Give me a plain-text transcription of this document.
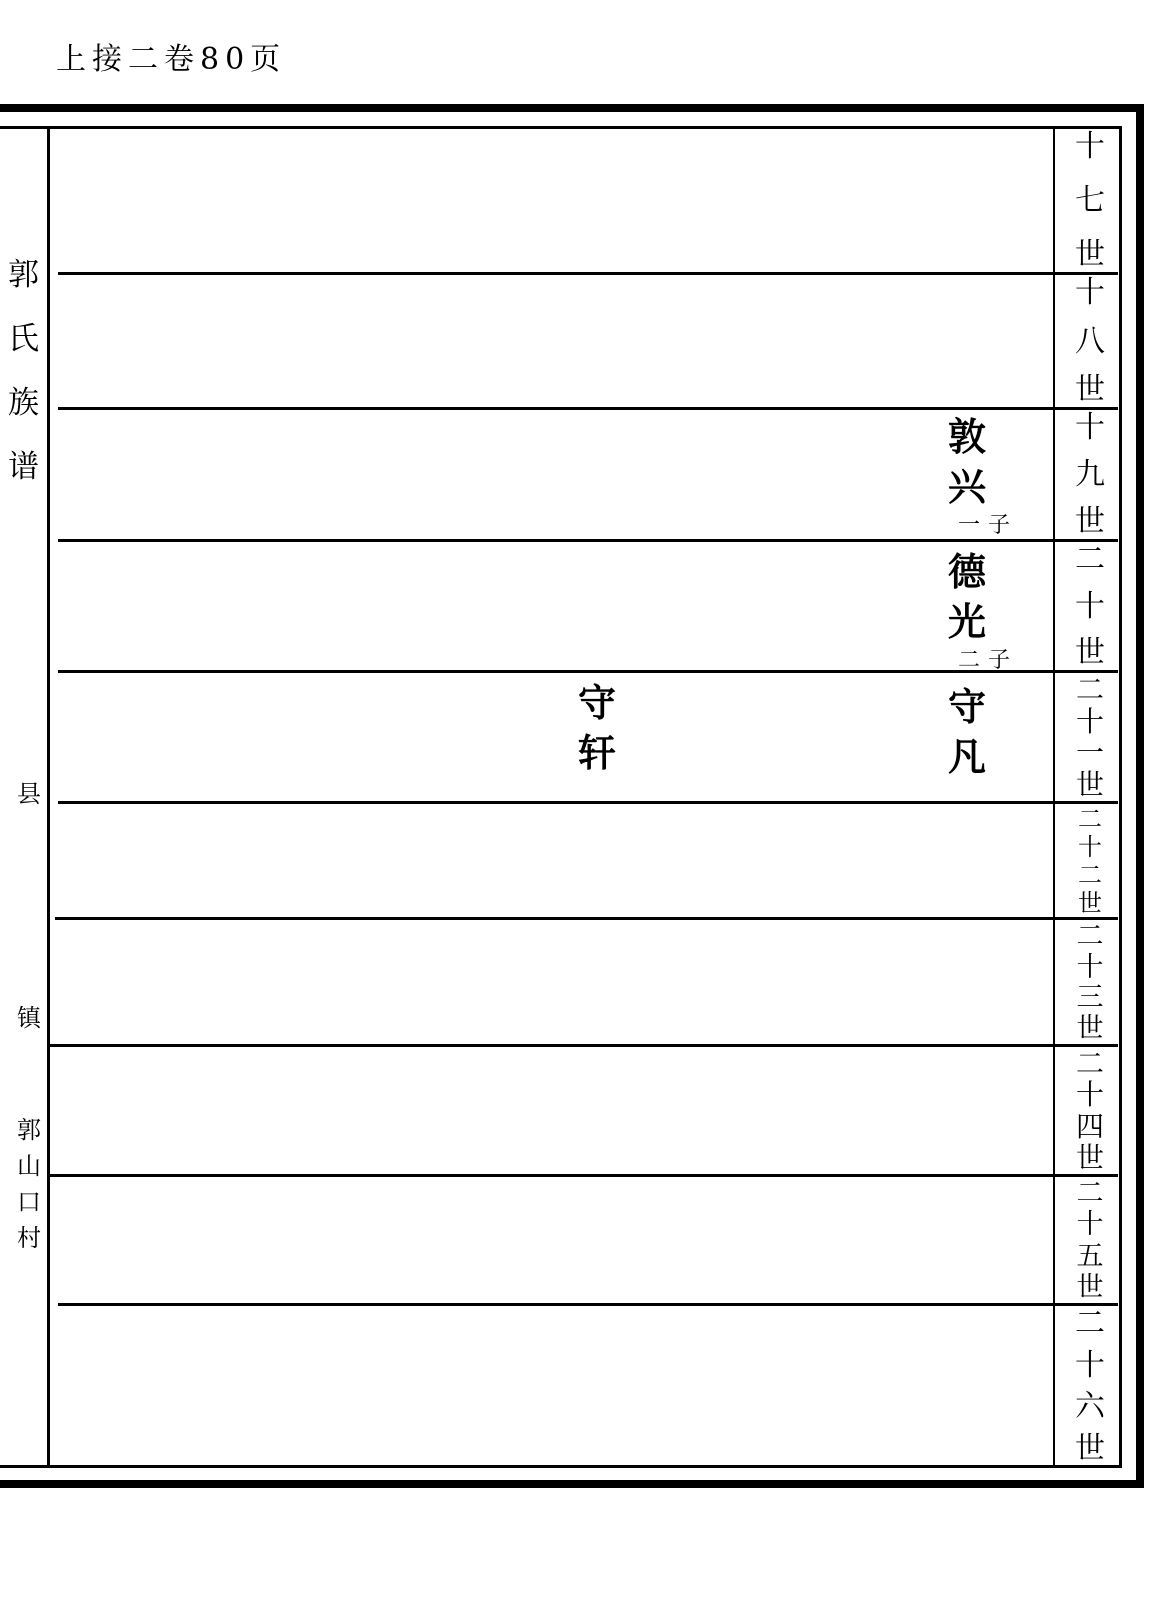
上接二卷80页
郭
氏
族
谱
县
镇
郭
山
口
村
十
七
世
十
八
世
十
九
世
二
十
世
二
十
一
世
二
十
二
世
二
十
三
世
二
十
四
世
二
十
五
世
二
十
六
世
敦
兴
一子
德
光
二子
守
凡
守
轩
